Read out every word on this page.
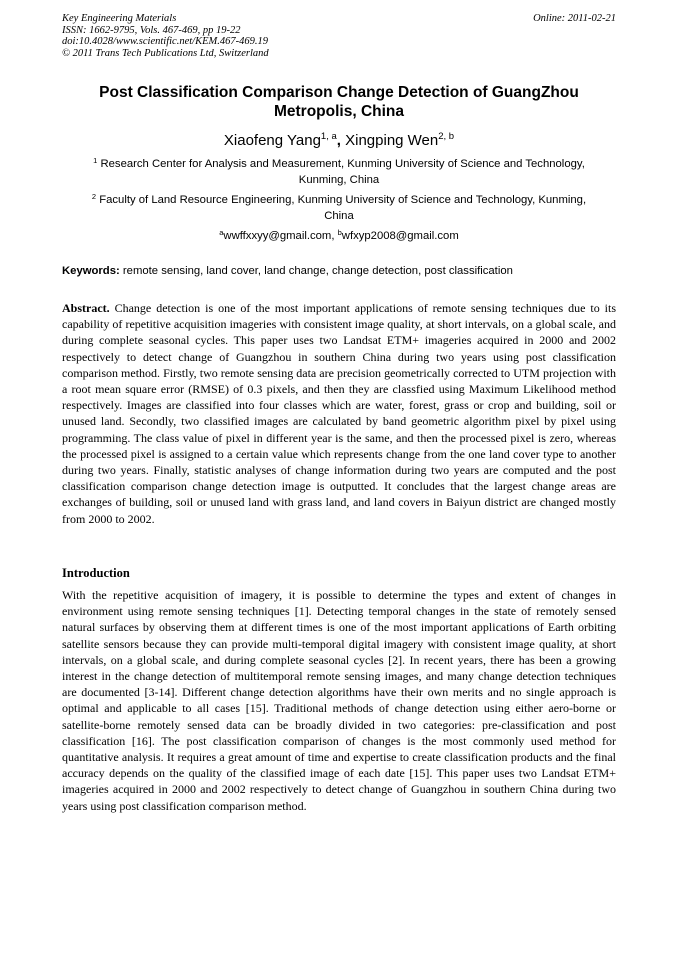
Key Engineering Materials
ISSN: 1662-9795, Vols. 467-469, pp 19-22
doi:10.4028/www.scientific.net/KEM.467-469.19
© 2011 Trans Tech Publications Ltd, Switzerland
Online: 2011-02-21
Post Classification Comparison Change Detection of GuangZhou
Metropolis, China
Xiaofeng Yang$^{1, a}$, Xingping Wen$^{2, b}$
$^1$ Research Center for Analysis and Measurement, Kunming University of Science and Technology,
Kunming, China
$^2$ Faculty of Land Resource Engineering, Kunming University of Science and Technology, Kunming,
China
$^a$wwffxxyy@gmail.com, $^b$wfxyp2008@gmail.com
Keywords: remote sensing, land cover, land change, change detection, post classification

Abstract. Change detection is one of the most important applications of remote sensing techniques due to its capability of repetitive acquisition imageries with consistent image quality, at short intervals, on a global scale, and during complete seasonal cycles. This paper uses two Landsat ETM+ imageries acquired in 2000 and 2002 respectively to detect change of Guangzhou in southern China during two years using post classification comparison method. Firstly, two remote sensing data are precision geometrically corrected to UTM projection with a root mean square error (RMSE) of 0.3 pixels, and then they are classfied using Maximum Likelihood method respectively. Images are classified into four classes which are water, forest, grass or crop and building, soil or unused land. Secondly, two classified images are calculated by band geometric algorithm pixel by pixel using programming. The class value of pixel in different year is the same, and then the processed pixel is zero, whereas the processed pixel is assigned to a certain value which represents change from the one land cover type to another during two years. Finally, statistic analyses of change information during two years are computed and the post classification comparison change detection image is outputted. It concludes that the largest change areas are exchanges of building, soil or unused land with grass land, and land covers in Baiyun district are changed mostly from 2000 to 2002.

Introduction

With the repetitive acquisition of imagery, it is possible to determine the types and extent of changes in environment using remote sensing techniques [1]. Detecting temporal changes in the state of remotely sensed natural surfaces by observing them at different times is one of the most important applications of Earth orbiting satellite sensors because they can provide multi-temporal digital imagery with consistent image quality, at short intervals, on a global scale, and during complete seasonal cycles [2]. In recent years, there has been a growing interest in the change detection of multitemporal remote sensing images, and many change detection techniques are documented [3-14]. Different change detection algorithms have their own merits and no single approach is optimal and applicable to all cases [15]. Traditional methods of change detection using either aero-borne or satellite-borne remotely sensed data can be broadly divided in two categories: pre-classification and post classification [16]. The post classification comparison of changes is the most commonly used method for quantitative analysis. It requires a great amount of time and expertise to create classification products and the final accuracy depends on the quality of the classified image of each date [15]. This paper uses two Landsat ETM+ imageries acquired in 2000 and 2002 respectively to detect change of Guangzhou in southern China during two years using post classification comparison method.
